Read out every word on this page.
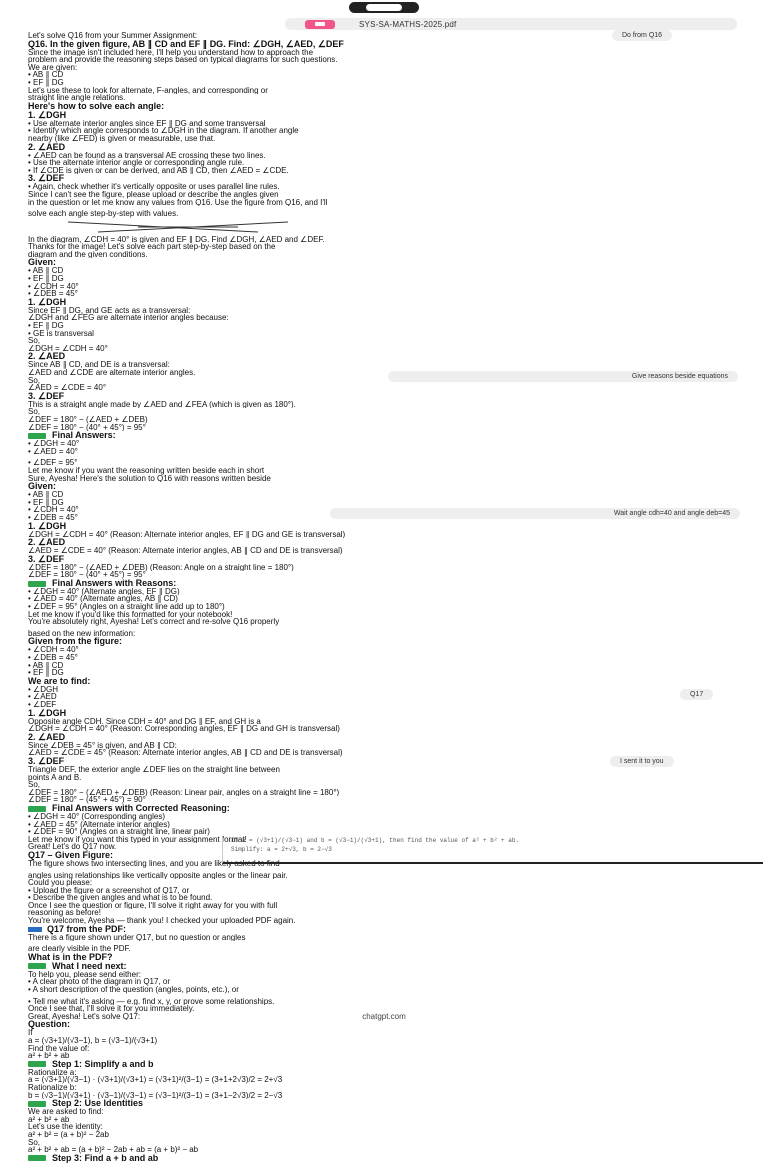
SYS-SA-MATHS-2025.pdf
Do from Q16
Give reasons beside equations
Wait angle cdh=40 and angle deb=45
Q17
I sent it to you
Let's solve Q16 from your Summer Assignment:
Q16. In the given figure, AB ∥ CD and EF ∥ DG. Find: ∠DGH, ∠AED, ∠DEF
Since the image isn't included here, I'll help you understand how to approach the
problem and provide the reasoning steps based on typical diagrams for such questions.
We are given:
• AB ∥ CD
• EF ∥ DG
Let's use these to look for alternate, F-angles, and corresponding or
straight line angle relations.
Here's how to solve each angle:
1. ∠DGH
• Use alternate interior angles since EF ∥ DG and some transversal
• Identify which angle corresponds to ∠DGH in the diagram. If another angle
nearby (like ∠FED) is given or measurable, use that.
2. ∠AED
• ∠AED can be found as a transversal AE crossing these two lines.
• Use the alternate interior angle or corresponding angle rule.
• If ∠CDE is given or can be derived, and AB ∥ CD, then ∠AED = ∠CDE.
3. ∠DEF
• Again, check whether it's vertically opposite or uses parallel line rules.
Since I can't see the figure, please upload or describe the angles given
in the question or let me know any values from Q16. Use the figure from Q16, and I'll
solve each angle step-by-step with values.
In the diagram, ∠CDH = 40° is given and EF ∥ DG. Find ∠DGH, ∠AED and ∠DEF.
Thanks for the image! Let's solve each part step-by-step based on the
diagram and the given conditions.
Given:
• AB ∥ CD
• EF ∥ DG
• ∠CDH = 40°
• ∠DEB = 45°
1. ∠DGH
Since EF ∥ DG, and GE acts as a transversal:
∠DGH and ∠FEG are alternate interior angles because:
• EF ∥ DG
• GE is transversal
So,
∠DGH = ∠CDH = 40°
2. ∠AED
Since AB ∥ CD, and DE is a transversal:
∠AED and ∠CDE are alternate interior angles.
So,
∠AED = ∠CDE = 40°
3. ∠DEF
This is a straight angle made by ∠AED and ∠FEA (which is given as 180°).
So,
∠DEF = 180° − (∠AED + ∠DEB)
∠DEF = 180° − (40° + 45°) = 95°
Final Answers:
• ∠DGH = 40°
• ∠AED = 40°
• ∠DEF = 95°
Let me know if you want the reasoning written beside each in short
Sure, Ayesha! Here's the solution to Q16 with reasons written beside
Given:
• AB ∥ CD
• EF ∥ DG
• ∠CDH = 40°
• ∠DEB = 45°
1. ∠DGH
∠DGH = ∠CDH = 40° (Reason: Alternate interior angles, EF ∥ DG and GE is transversal)
2. ∠AED
∠AED = ∠CDE = 40° (Reason: Alternate interior angles, AB ∥ CD and DE is transversal)
3. ∠DEF
∠DEF = 180° − (∠AED + ∠DEB) (Reason: Angle on a straight line = 180°)
∠DEF = 180° − (40° + 45°) = 95°
Final Answers with Reasons:
• ∠DGH = 40° (Alternate angles, EF ∥ DG)
• ∠AED = 40° (Alternate angles, AB ∥ CD)
• ∠DEF = 95° (Angles on a straight line add up to 180°)
Let me know if you'd like this formatted for your notebook!
You're absolutely right, Ayesha! Let's correct and re-solve Q16 properly
based on the new information:
Given from the figure:
• ∠CDH = 40°
• ∠DEB = 45°
• AB ∥ CD
• EF ∥ DG
We are to find:
• ∠DGH
• ∠AED
• ∠DEF
1. ∠DGH
Opposite angle CDH. Since CDH = 40° and DG ∥ EF, and GH is a
∠DGH = ∠CDH = 40° (Reason: Corresponding angles, EF ∥ DG and GH is transversal)
2. ∠AED
Since ∠DEB = 45° is given, and AB ∥ CD:
∠AED = ∠CDE = 45° (Reason: Alternate interior angles, AB ∥ CD and DE is transversal)
3. ∠DEF
Triangle DEF, the exterior angle ∠DEF lies on the straight line between
points A and B.
So,
∠DEF = 180° − (∠AED + ∠DEB) (Reason: Linear pair, angles on a straight line = 180°)
∠DEF = 180° − (45° + 45°) = 90°
Final Answers with Corrected Reasoning:
• ∠DGH = 40° (Corresponding angles)
• ∠AED = 45° (Alternate interior angles)
• ∠DEF = 90° (Angles on a straight line, linear pair)
Let me know if you want this typed in your assignment format!
Great! Let's do Q17 now.
Q17 – Given Figure:
The figure shows two intersecting lines, and you are likely asked to find
angles using relationships like vertically opposite angles or the linear pair.
Could you please:
• Upload the figure or a screenshot of Q17, or
• Describe the given angles and what is to be found.
Once I see the question or figure, I'll solve it right away for you with full
reasoning as before!
You're welcome, Ayesha — thank you! I checked your uploaded PDF again.
Q17 from the PDF:
There is a figure shown under Q17, but no question or angles
are clearly visible in the PDF.
What is in the PDF?
What I need next:
To help you, please send either:
• A clear photo of the diagram in Q17, or
• A short description of the question (angles, points, etc.), or
• Tell me what it's asking — e.g. find x, y, or prove some relationships.
Once I see that, I'll solve it for you immediately.
Great, Ayesha! Let's solve Q17:
Question:
If
a = (√3+1)/(√3−1), b = (√3−1)/(√3+1)
Find the value of:
a² + b² + ab
Step 1: Simplify a and b
Rationalize a:
a = (√3+1)/(√3−1) · (√3+1)/(√3+1) = (√3+1)²/(3−1) = (3+1+2√3)/2 = 2+√3
Rationalize b:
b = (√3−1)/(√3+1) · (√3−1)/(√3−1) = (√3−1)²/(3−1) = (3+1−2√3)/2 = 2−√3
Step 2: Use Identities
We are asked to find:
a² + b² + ab
Let's use the identity:
a² + b² = (a + b)² − 2ab
So,
a² + b² + ab = (a + b)² − 2ab + ab = (a + b)² − ab
Step 3: Find a + b and ab
If a = (√3+1)/(√3−1) and b = (√3−1)/(√3+1), then find the value of a² + b² + ab.
Simplify: a = 2+√3, b = 2−√3
chatgpt.com
